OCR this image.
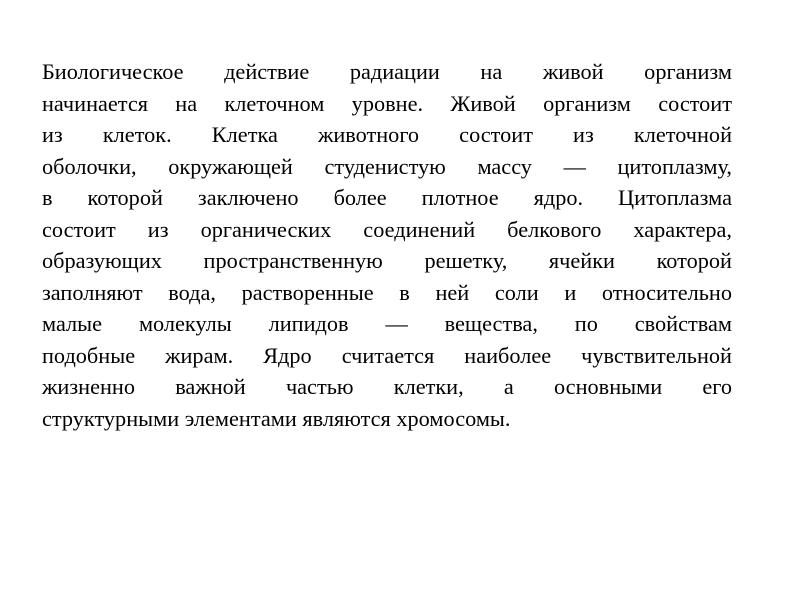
Биологическое действие радиации на живой организм
начинается на клеточном уровне. Живой организм состоит
из клеток. Клетка животного состоит из клеточной
оболочки, окружающей студенистую массу — цитоплазму,
в которой заключено более плотное ядро. Цитоплазма
состоит из органических соединений белкового характера,
образующих пространственную решетку, ячейки которой
заполняют вода, растворенные в ней соли и относительно
малые молекулы липидов — вещества, по свойствам
подобные жирам. Ядро считается наиболее чувствительной
жизненно важной частью клетки, а основными его
структурными элементами являются хромосомы.
